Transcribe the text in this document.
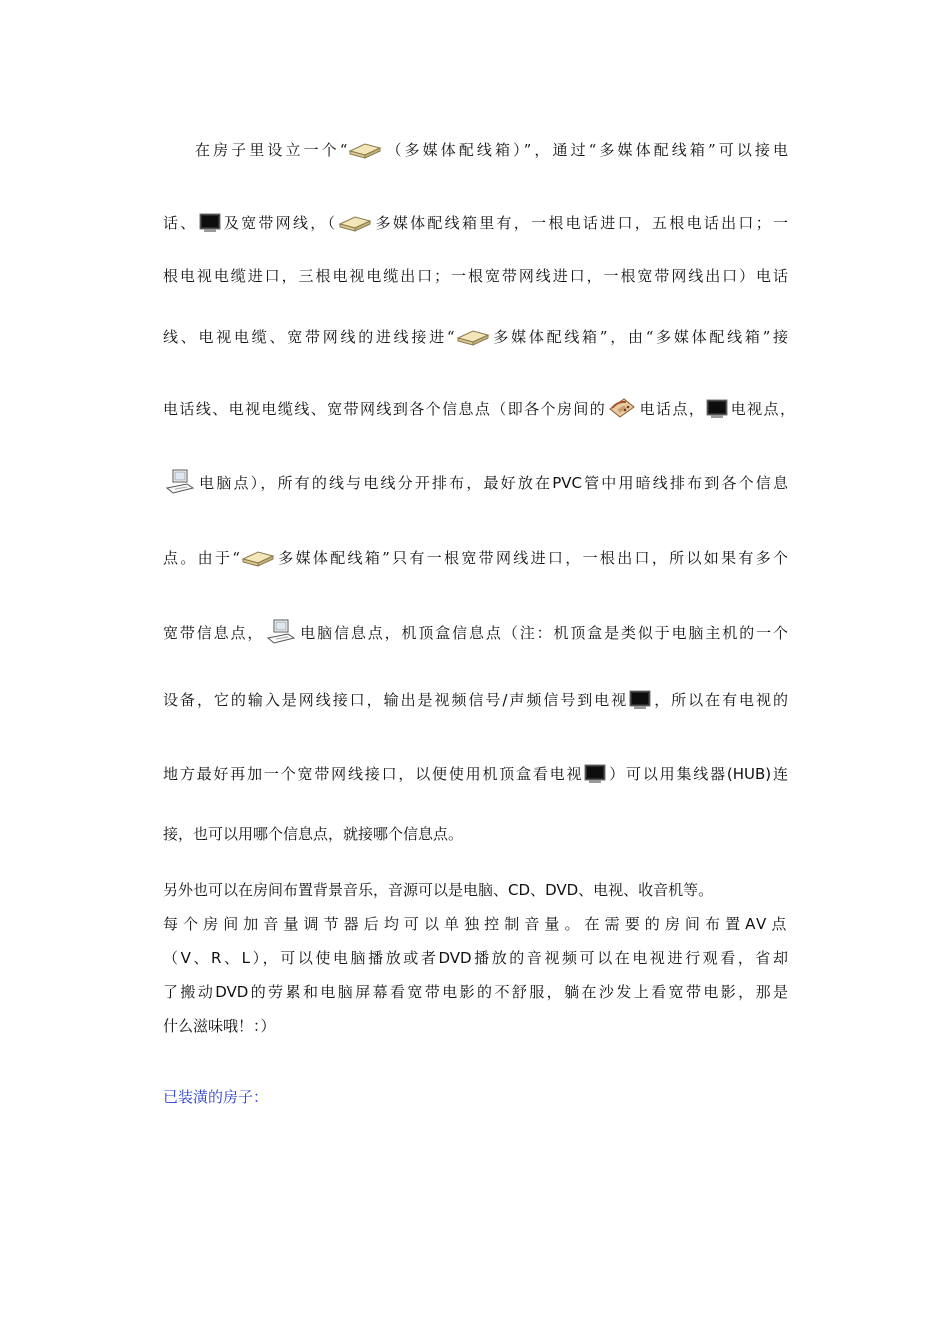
在房子里设立一个“ （多媒体配线箱）”，通过“多媒体配线箱”可以接电
话、 及宽带网线，（ 多媒体配线箱里有，一根电话进口，五根电话出口；一
根电视电缆进口，三根电视电缆出口；一根宽带网线进口，一根宽带网线出口）电话
线、电视电缆、宽带网线的进线接进“ 多媒体配线箱”，由“多媒体配线箱”接
电话线、电视电缆线、宽带网线到各个信息点（即各个房间的 电话点， 电视点，
电脑点），所有的线与电线分开排布，最好放在PVC管中用暗线排布到各个信息
点。由于“ 多媒体配线箱”只有一根宽带网线进口，一根出口，所以如果有多个
宽带信息点， 电脑信息点，机顶盒信息点（注：机顶盒是类似于电脑主机的一个
设备，它的输入是网线接口，输出是视频信号/声频信号到电视 ，所以在有电视的
地方最好再加一个宽带网线接口，以便使用机顶盒看电视 ）可以用集线器(HUB)连
接，也可以用哪个信息点，就接哪个信息点。
另外也可以在房间布置背景音乐，音源可以是电脑、CD、DVD、电视、收音机等。
每个房间加音量调节器后均可以单独控制音量。在需要的房间布置AV点
（V、R、L），可以使电脑播放或者DVD播放的音视频可以在电视进行观看，省却
了搬动DVD的劳累和电脑屏幕看宽带电影的不舒服，躺在沙发上看宽带电影，那是
什么滋味哦！：）
已装潢的房子：
